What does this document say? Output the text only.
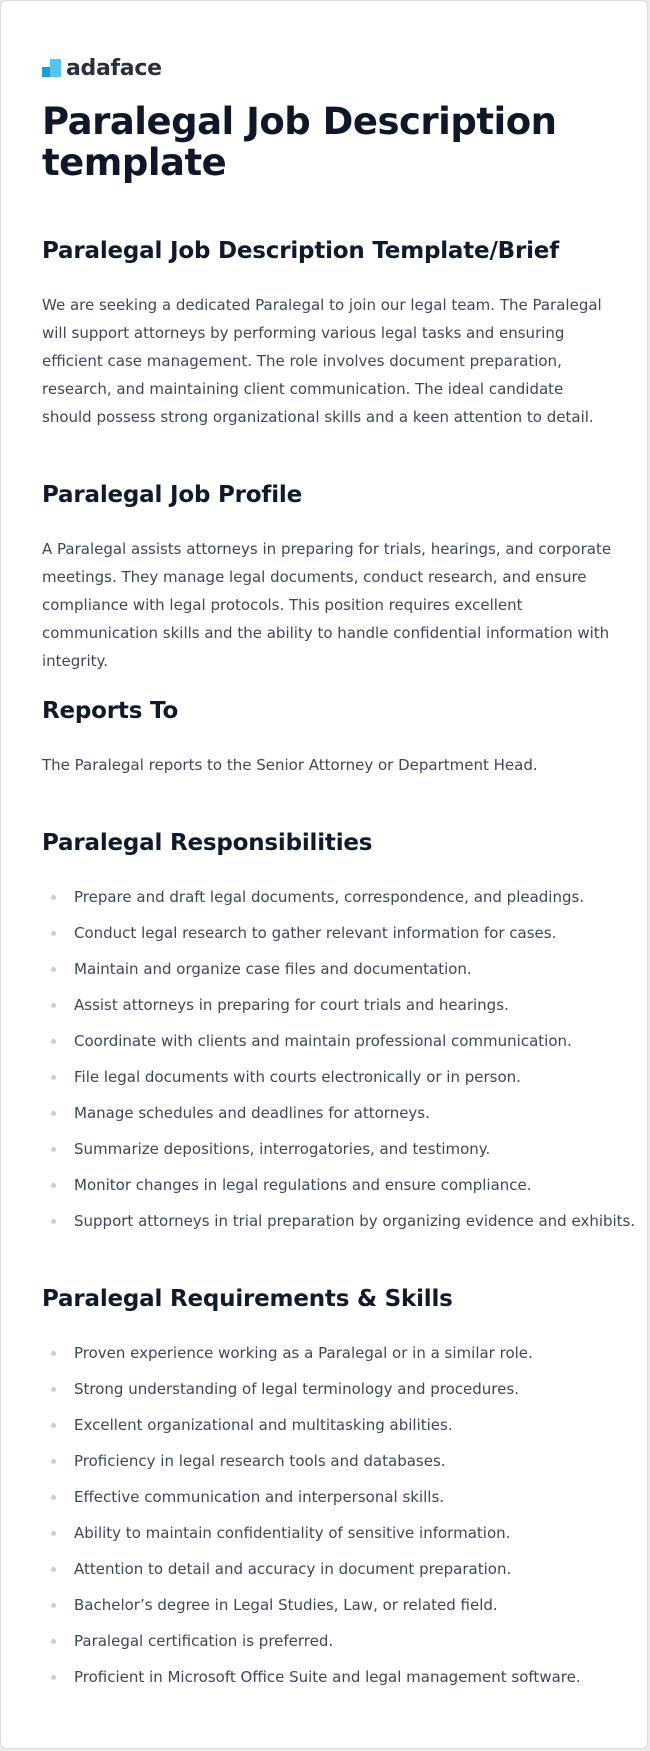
adaface
Paralegal Job Description template
Paralegal Job Description Template/Brief

We are seeking a dedicated Paralegal to join our legal team. The Paralegal will support attorneys by performing various legal tasks and ensuring efficient case management. The role involves document preparation, research, and maintaining client communication. The ideal candidate should possess strong organizational skills and a keen attention to detail.

Paralegal Job Profile

A Paralegal assists attorneys in preparing for trials, hearings, and corporate meetings. They manage legal documents, conduct research, and ensure compliance with legal protocols. This position requires excellent communication skills and the ability to handle confidential information with integrity.

Reports To

The Paralegal reports to the Senior Attorney or Department Head.

Paralegal Responsibilities
Prepare and draft legal documents, correspondence, and pleadings.
Conduct legal research to gather relevant information for cases.
Maintain and organize case files and documentation.
Assist attorneys in preparing for court trials and hearings.
Coordinate with clients and maintain professional communication.
File legal documents with courts electronically or in person.
Manage schedules and deadlines for attorneys.
Summarize depositions, interrogatories, and testimony.
Monitor changes in legal regulations and ensure compliance.
Support attorneys in trial preparation by organizing evidence and exhibits.
Paralegal Requirements & Skills
Proven experience working as a Paralegal or in a similar role.
Strong understanding of legal terminology and procedures.
Excellent organizational and multitasking abilities.
Proficiency in legal research tools and databases.
Effective communication and interpersonal skills.
Ability to maintain confidentiality of sensitive information.
Attention to detail and accuracy in document preparation.
Bachelor’s degree in Legal Studies, Law, or related field.
Paralegal certification is preferred.
Proficient in Microsoft Office Suite and legal management software.
